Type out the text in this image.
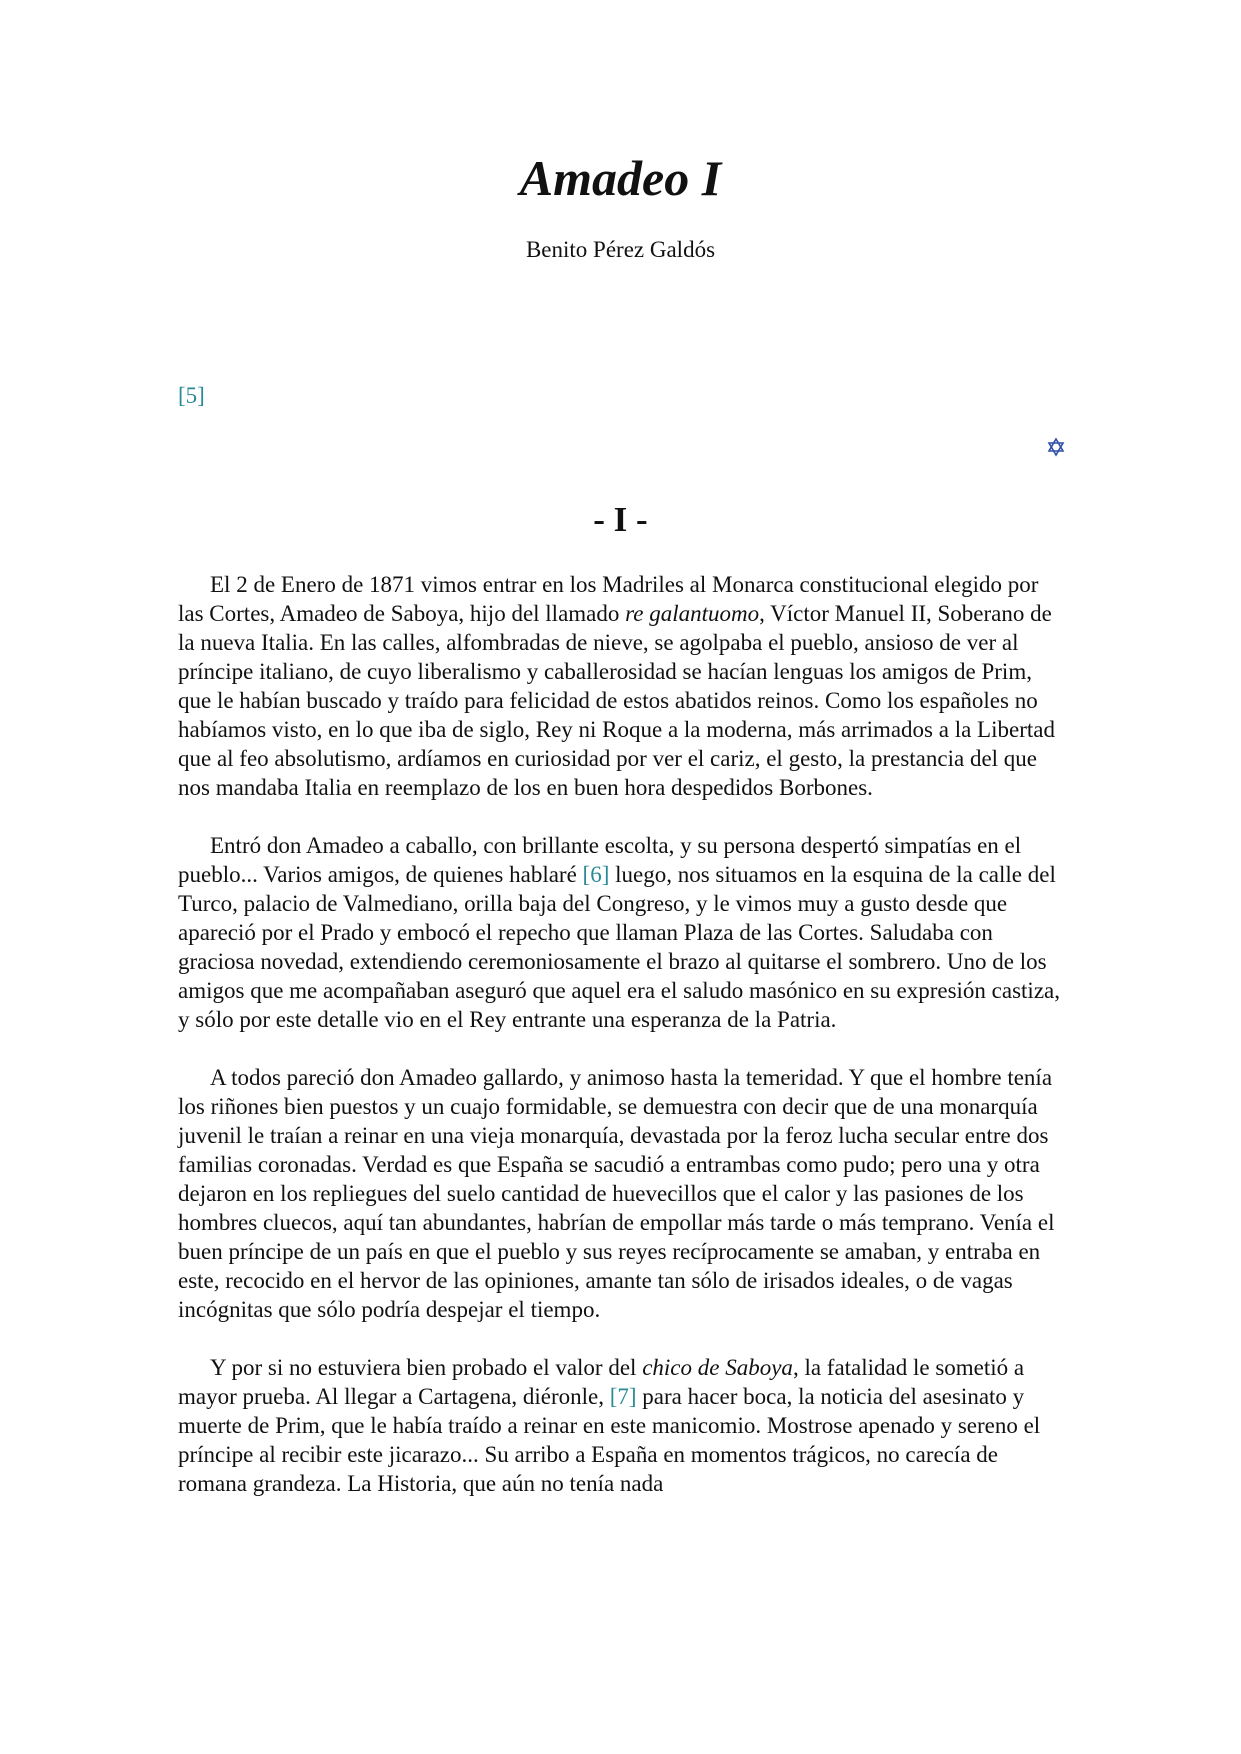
Amadeo I
Benito Pérez Galdós
[5]
- I -

El 2 de Enero de 1871 vimos entrar en los Madriles al Monarca constitucional elegido por las Cortes, Amadeo de Saboya, hijo del llamado re galantuomo, Víctor Manuel II, Soberano de la nueva Italia. En las calles, alfombradas de nieve, se agolpaba el pueblo, ansioso de ver al príncipe italiano, de cuyo liberalismo y caballerosidad se hacían lenguas los amigos de Prim, que le habían buscado y traído para felicidad de estos abatidos reinos. Como los españoles no habíamos visto, en lo que iba de siglo, Rey ni Roque a la moderna, más arrimados a la Libertad que al feo absolutismo, ardíamos en curiosidad por ver el cariz, el gesto, la prestancia del que nos mandaba Italia en reemplazo de los en buen hora despedidos Borbones.

Entró don Amadeo a caballo, con brillante escolta, y su persona despertó simpatías en el pueblo... Varios amigos, de quienes hablaré [6] luego, nos situamos en la esquina de la calle del Turco, palacio de Valmediano, orilla baja del Congreso, y le vimos muy a gusto desde que apareció por el Prado y embocó el repecho que llaman Plaza de las Cortes. Saludaba con graciosa novedad, extendiendo ceremoniosamente el brazo al quitarse el sombrero. Uno de los amigos que me acompañaban aseguró que aquel era el saludo masónico en su expresión castiza, y sólo por este detalle vio en el Rey entrante una esperanza de la Patria.

A todos pareció don Amadeo gallardo, y animoso hasta la temeridad. Y que el hombre tenía los riñones bien puestos y un cuajo formidable, se demuestra con decir que de una monarquía juvenil le traían a reinar en una vieja monarquía, devastada por la feroz lucha secular entre dos familias coronadas. Verdad es que España se sacudió a entrambas como pudo; pero una y otra dejaron en los repliegues del suelo cantidad de huevecillos que el calor y las pasiones de los hombres cluecos, aquí tan abundantes, habrían de empollar más tarde o más temprano. Venía el buen príncipe de un país en que el pueblo y sus reyes recíprocamente se amaban, y entraba en este, recocido en el hervor de las opiniones, amante tan sólo de irisados ideales, o de vagas incógnitas que sólo podría despejar el tiempo.

Y por si no estuviera bien probado el valor del chico de Saboya, la fatalidad le sometió a mayor prueba. Al llegar a Cartagena, diéronle, [7] para hacer boca, la noticia del asesinato y muerte de Prim, que le había traído a reinar en este manicomio. Mostrose apenado y sereno el príncipe al recibir este jicarazo... Su arribo a España en momentos trágicos, no carecía de romana grandeza. La Historia, que aún no tenía nada
